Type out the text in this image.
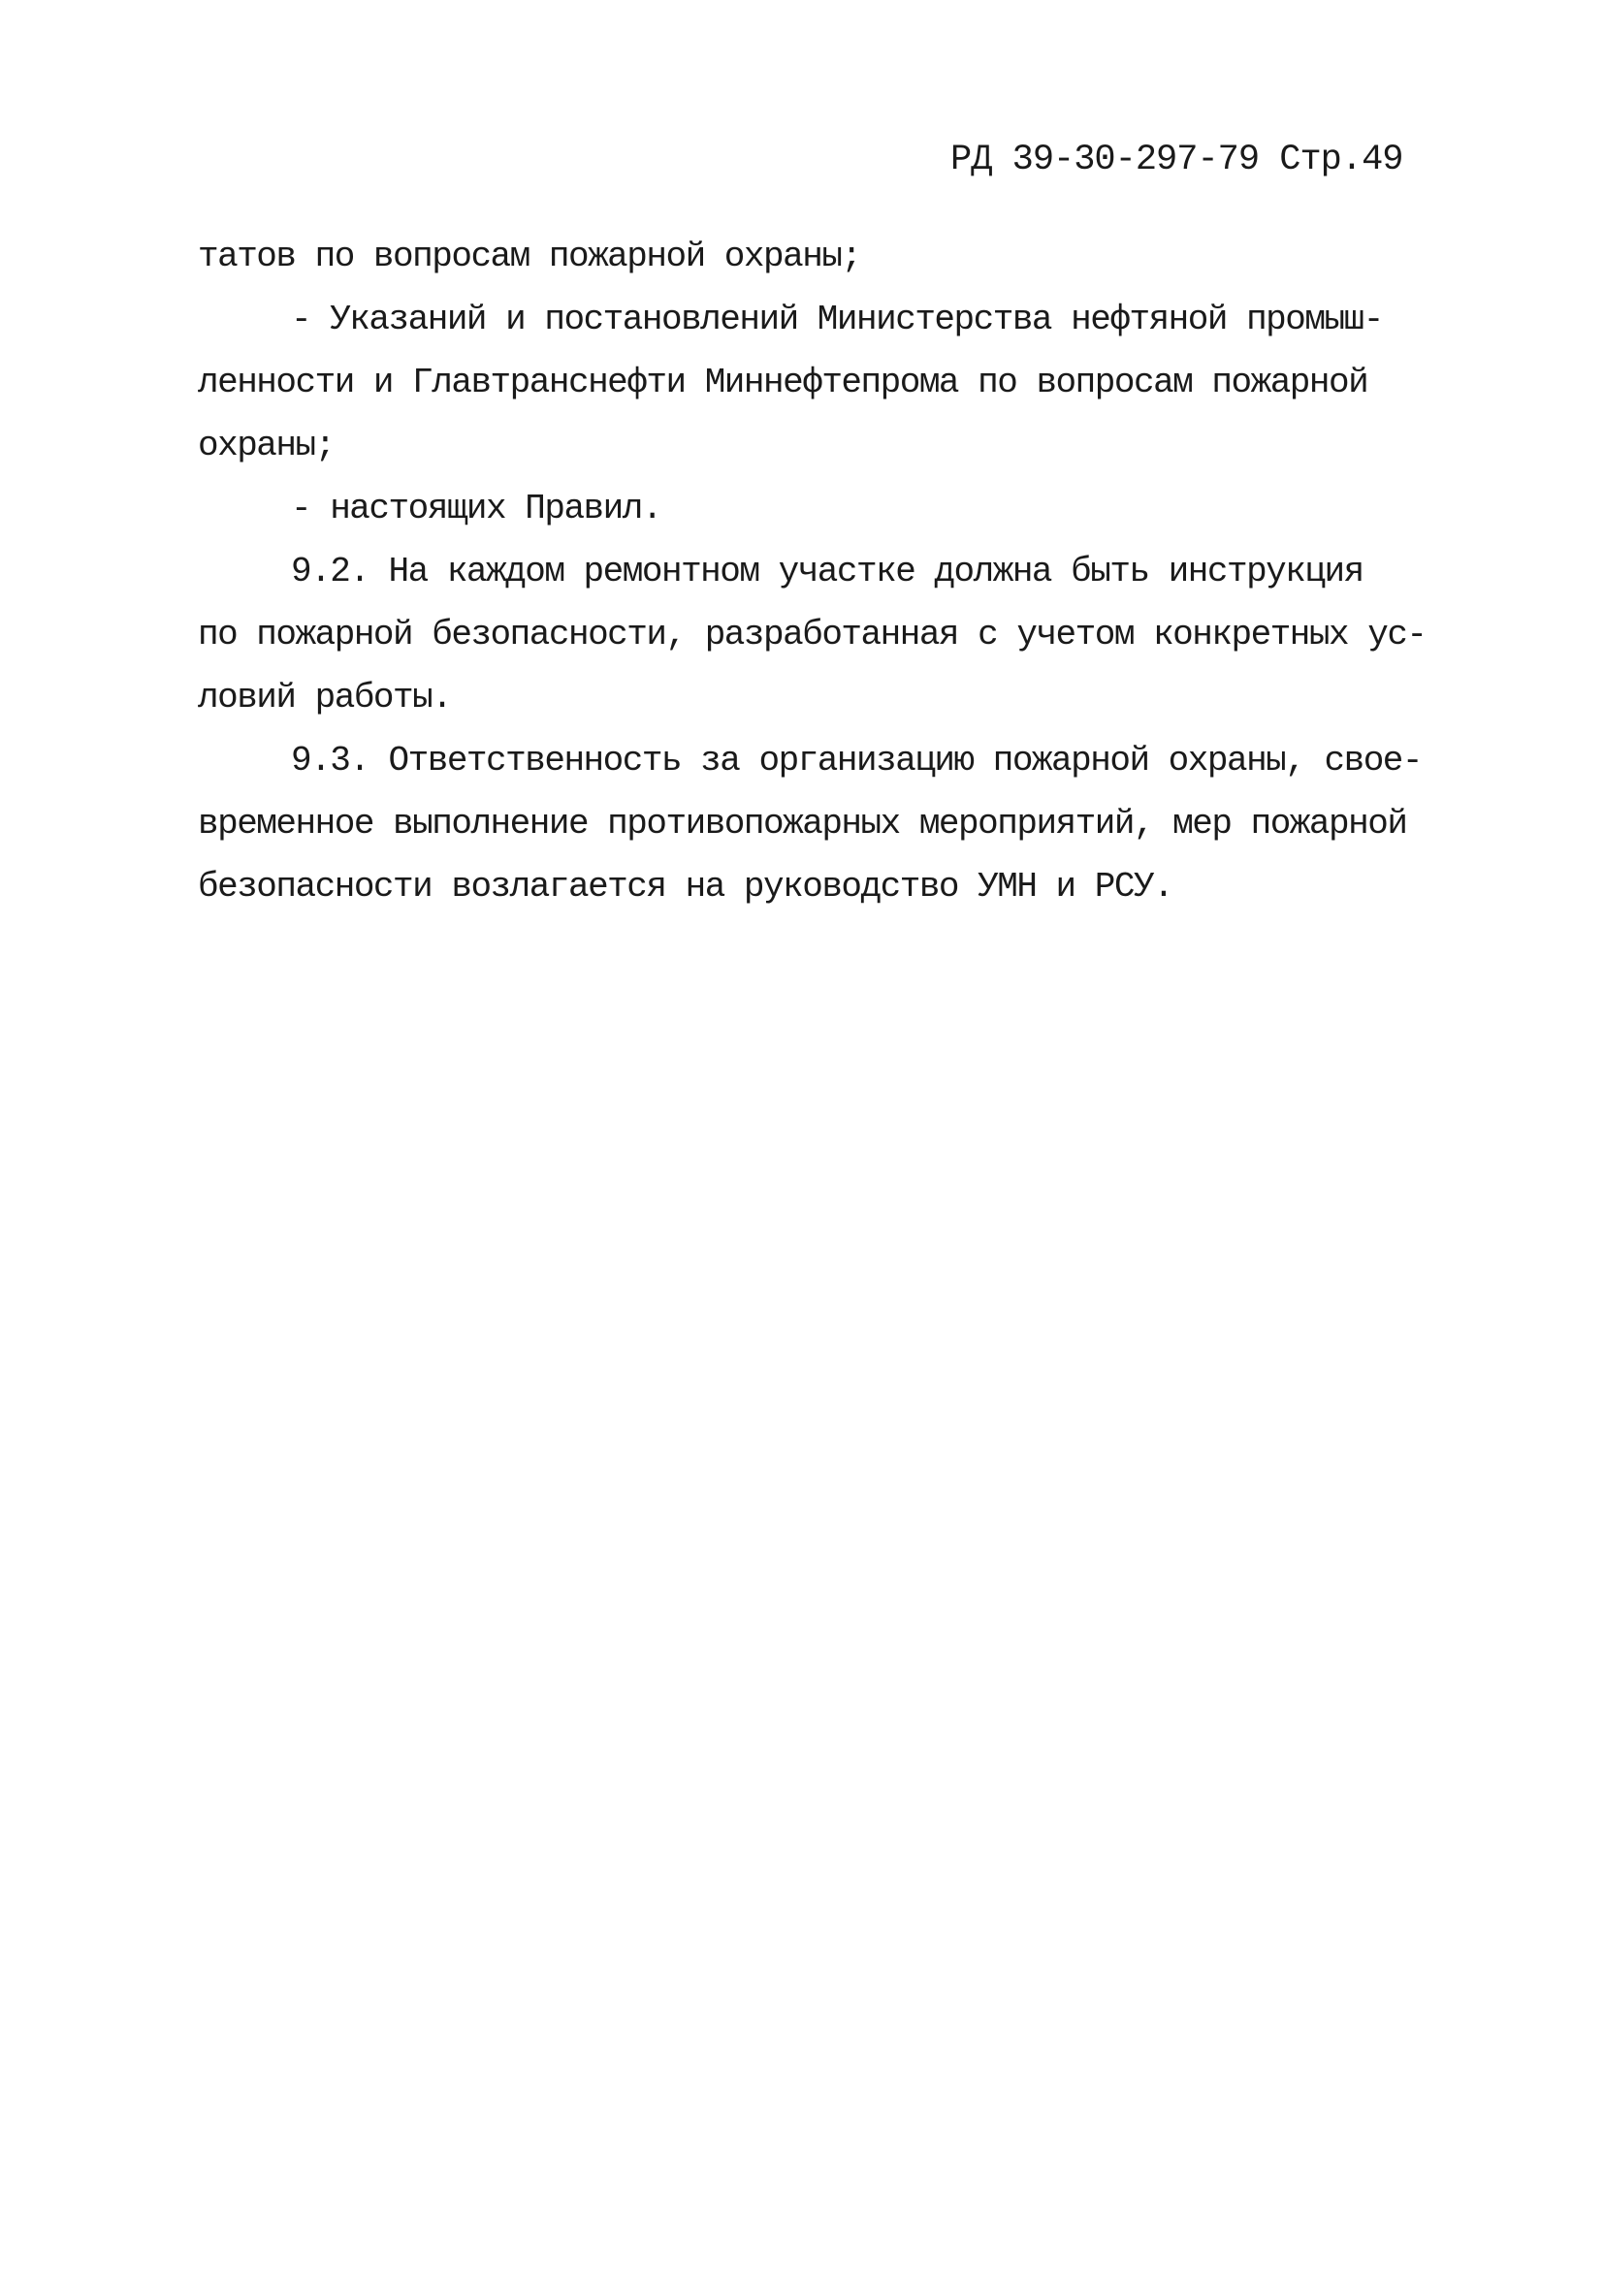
РД 39-30-297-79 Стр.49
татов по вопросам пожарной охраны;
- Указаний и постановлений Министерства нефтяной промыш-
ленности и Главтранснефти Миннефтепрома по вопросам пожарной
охраны;
- настоящих Правил.
9.2. На каждом ремонтном участке должна быть инструкция
по пожарной безопасности, разработанная с учетом конкретных ус-
ловий работы.
9.3. Ответственность за организацию пожарной охраны, свое-
временное выполнение противопожарных мероприятий, мер пожарной
безопасности возлагается на руководство УМН и РСУ.
